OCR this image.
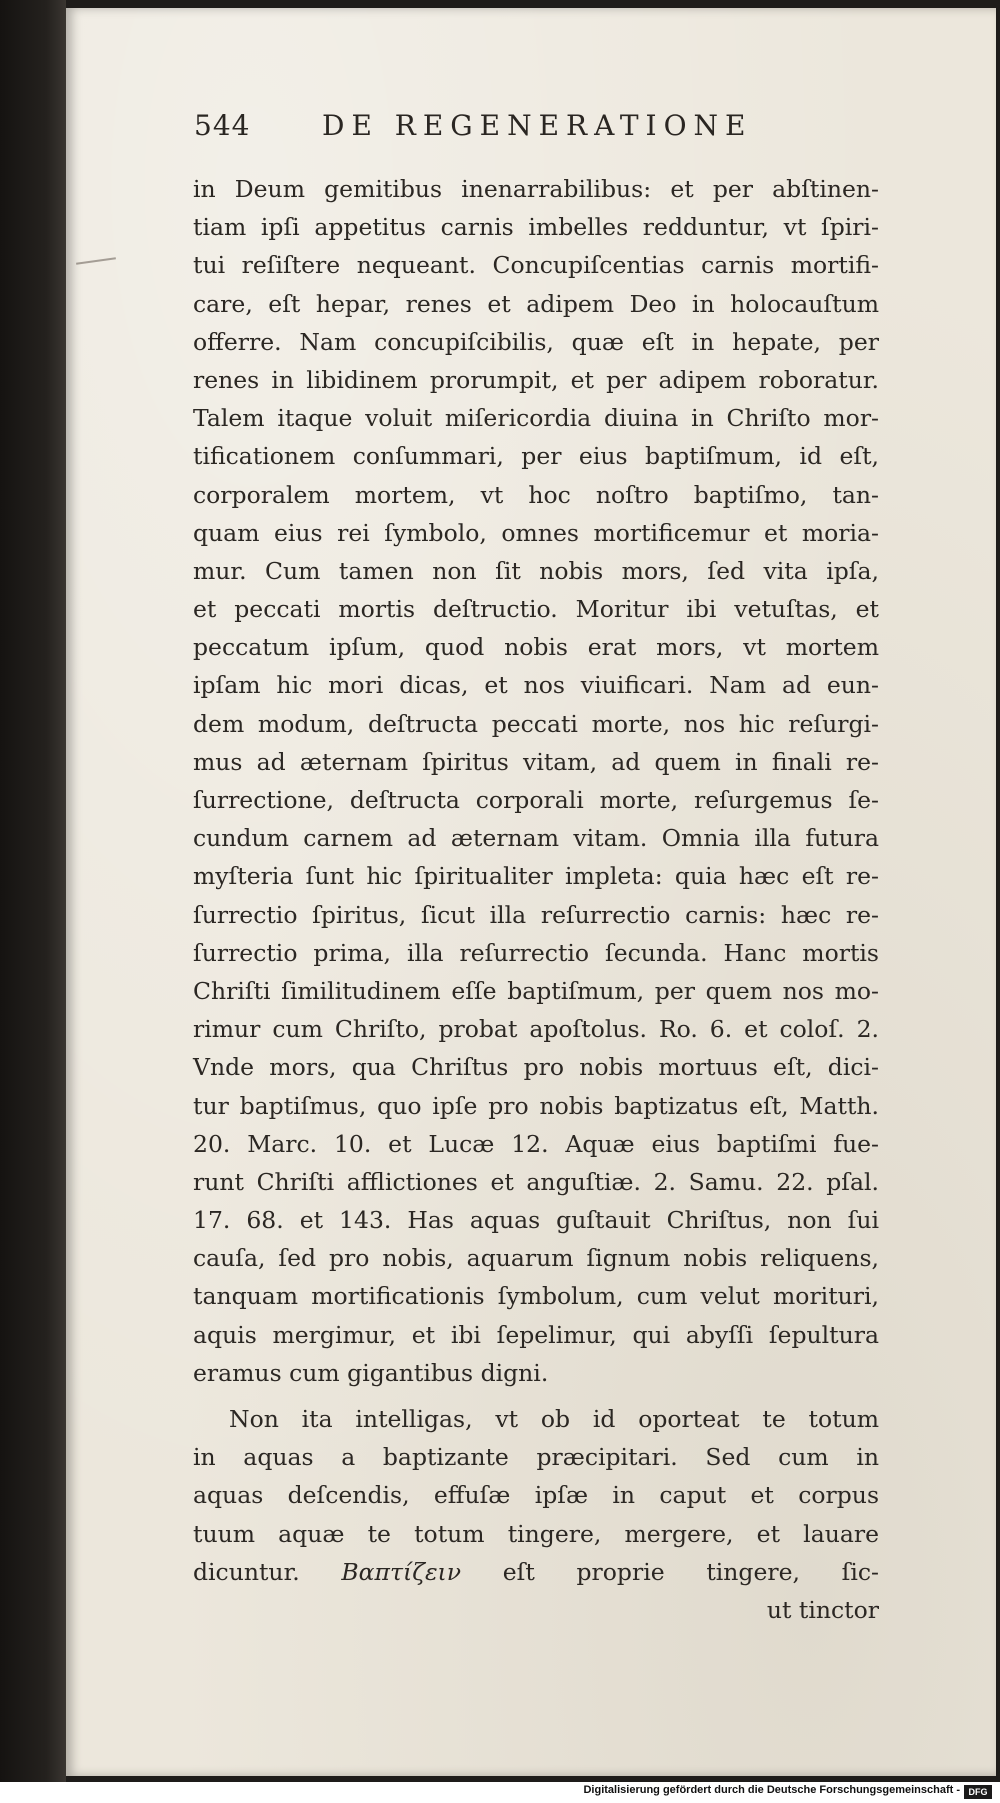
544	DE REGENERATIONE
in Deum gemitibus inenarrabilibus: et per abſtinen-
tiam ipſi appetitus carnis imbelles redduntur, vt ſpiri-
tui reſiſtere nequeant. Concupiſcentias carnis mortifi-
care, eſt hepar, renes et adipem Deo in holocauſtum
offerre. Nam concupiſcibilis, quæ eſt in hepate, per
renes in libidinem prorumpit, et per adipem roboratur.
Talem itaque voluit miſericordia diuina in Chriſto mor-
tificationem conſummari, per eius baptiſmum, id eſt,
corporalem mortem, vt hoc noſtro baptiſmo, tan-
quam eius rei ſymbolo, omnes mortificemur et moria-
mur. Cum tamen non ſit nobis mors, ſed vita ipſa,
et peccati mortis deſtructio. Moritur ibi vetuſtas, et
peccatum ipſum, quod nobis erat mors, vt mortem
ipſam hic mori dicas, et nos viuificari. Nam ad eun-
dem modum, deſtructa peccati morte, nos hic reſurgi-
mus ad æternam ſpiritus vitam, ad quem in finali re-
ſurrectione, deſtructa corporali morte, reſurgemus ſe-
cundum carnem ad æternam vitam. Omnia illa futura
myſteria ſunt hic ſpiritualiter impleta: quia hæc eſt re-
ſurrectio ſpiritus, ſicut illa reſurrectio carnis: hæc re-
ſurrectio prima, illa reſurrectio ſecunda. Hanc mortis
Chriſti ſimilitudinem eſſe baptiſmum, per quem nos mo-
rimur cum Chriſto, probat apoſtolus. Ro. 6. et coloſ. 2.
Vnde mors, qua Chriſtus pro nobis mortuus eſt, dici-
tur baptiſmus, quo ipſe pro nobis baptizatus eſt, Matth.
20. Marc. 10. et Lucæ 12. Aquæ eius baptiſmi fue-
runt Chriſti afflictiones et anguſtiæ. 2. Samu. 22. pſal.
17. 68. et 143. Has aquas guſtauit Chriſtus, non ſui
cauſa, ſed pro nobis, aquarum ſignum nobis reliquens,
tanquam mortificationis ſymbolum, cum velut morituri,
aquis mergimur, et ibi ſepelimur, qui abyſſi ſepultura
eramus cum gigantibus digni.
Non ita intelligas, vt ob id oporteat te totum
in aquas a baptizante præcipitari. Sed cum in
aquas deſcendis, effuſæ ipſæ in caput et corpus
tuum aquæ te totum tingere, mergere, et lauare
dicuntur. Βαπτίζειν eſt proprie tingere, ſic-
ut tinctor
Digitalisierung gefördert durch die Deutsche Forschungsgemeinschaft - DFG
